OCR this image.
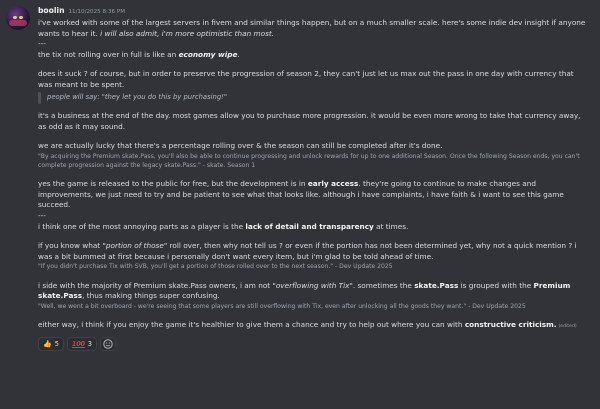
boolin 11/10/2025 8:36 PM

i've worked with some of the largest servers in fivem and similar things happen, but on a much smaller scale. here's some indie dev insight if anyone wants to hear it. i will also admit, i'm more optimistic than most.

---

the tix not rolling over in full is like an economy wipe.

does it suck ? of course, but in order to preserve the progression of season 2, they can't just let us max out the pass in one day with currency that was meant to be spent.

people will say: "they let you do this by purchasing!"

it's a business at the end of the day. most games allow you to purchase more progression. it would be even more wrong to take that currency away, as odd as it may sound.

we are actually lucky that there's a percentage rolling over & the season can still be completed after it's done.

"By acquiring the Premium skate.Pass, you'll also be able to continue progressing and unlock rewards for up to one additional Season. Once the following Season ends, you can't complete progression against the legacy skate.Pass." - skate. Season 1

yes the game is released to the public for free, but the development is in early access. they're going to continue to make changes and improvements, we just need to try and be patient to see what that looks like. although i have complaints, i have faith & i want to see this game succeed.

---

i think one of the most annoying parts as a player is the lack of detail and transparency at times.

if you know what "portion of those" roll over, then why not tell us ? or even if the portion has not been determined yet, why not a quick mention ? i was a bit bummed at first because i personally don't want every item, but i'm glad to be told ahead of time.

"If you didn't purchase Tix with SVB, you'll get a portion of those rolled over to the next season." - Dev Update 2025

i side with the majority of Premium skate.Pass owners, i am not "overflowing with Tix". sometimes the skate.Pass is grouped with the Premium skate.Pass, thus making things super confusing.

"Well, we went a bit overboard - we're seeing that some players are still overflowing with Tix, even after unlocking all the goods they want." - Dev Update 2025

either way, i think if you enjoy the game it's healthier to give them a chance and try to help out where you can with constructive criticism. (edited)

👍 5 100 3
